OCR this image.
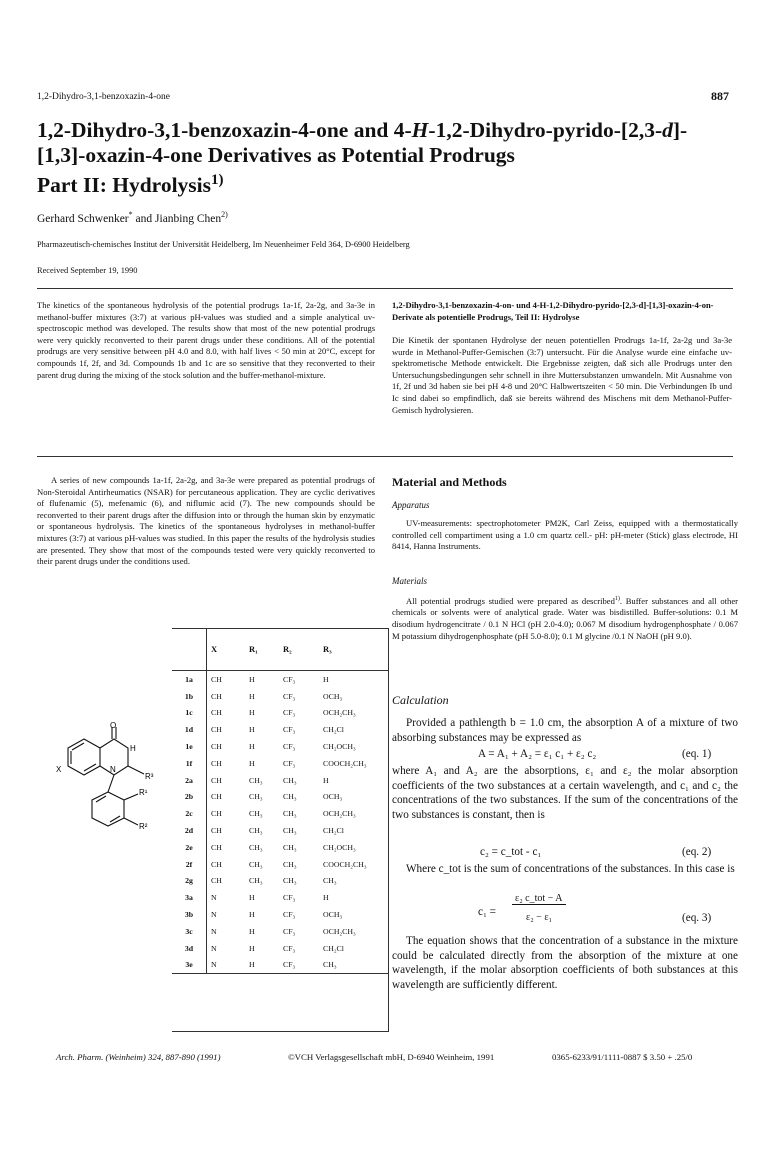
1,2-Dihydro-3,1-benzoxazin-4-one	887
1,2-Dihydro-3,1-benzoxazin-4-one and 4-H-1,2-Dihydro-pyrido-[2,3-d]-
[1,3]-oxazin-4-one Derivatives as Potential Prodrugs
Part II: Hydrolysis$^{1)}$
Gerhard Schwenker* and Jianbing Chen$^{2)}$
Pharmazeutisch-chemisches Institut der Universität Heidelberg, Im Neuenheimer Feld 364, D-6900 Heidelberg
Received September 19, 1990
The kinetics of the spontaneous hydrolysis of the potential prodrugs 1a-1f, 2a-2g, and 3a-3e in methanol-buffer mixtures (3:7) at various pH-values was studied and a simple analytical uv-spectroscopic method was developed. The results show that most of the new potential prodrugs were very quickly reconverted to their parent drugs under these conditions. All of the potential prodrugs are very sensitive between pH 4.0 and 8.0, with half lives < 50 min at 20°C, except for compounds 1f, 2f, and 3d. Compounds 1b and 1c are so sensitive that they reconverted to their parent drug during the mixing of the stock solution and the buffer-methanol-mixture.
1,2-Dihydro-3,1-benzoxazin-4-on- und 4-H-1,2-Dihydro-pyrido-[2,3-d]-[1,3]-oxazin-4-on-Derivate als potentielle Prodrugs, Teil II: Hydrolyse
Die Kinetik der spontanen Hydrolyse der neuen potentiellen Prodrugs 1a-1f, 2a-2g und 3a-3e wurde in Methanol-Puffer-Gemischen (3:7) untersucht. Für die Analyse wurde eine einfache uv-spektrometische Methode entwickelt. Die Ergebnisse zeigten, daß sich alle Prodrugs unter den Untersuchungsbedingungen sehr schnell in ihre Muttersubstanzen umwandeln. Mit Ausnahme von 1f, 2f und 3d haben sie bei pH 4-8 und 20°C Halbwertszeiten < 50 min. Die Verbindungen Ib und Ic sind dabei so empfindlich, daß sie bereits während des Mischens mit dem Methanol-Puffer-Gemisch hydrolysieren.
A series of new compounds 1a-1f, 2a-2g, and 3a-3e were prepared as potential prodrugs of Non-Steroidal Antirheumatics (NSAR) for percutaneous application. They are cyclic derivatives of flufenamic (5), mefenamic (6), and niflumic acid (7). The new compounds should be reconverted to their parent drugs after the diffusion into or through the human skin by enzymatic or spontaneous hydrolysis. The kinetics of the spontaneous hydrolyses in methanol-buffer mixtures (3:7) at various pH-values was studied. In this paper the results of the hydrolysis studies are presented. They show that most of the compounds tested were very quickly reconverted to their parent drugs under the conditions used.
O
H
X	N
R³
R¹
R²
	X	R₁	R₂	R₃
1a	CH	H	CF₃	H
1b	CH	H	CF₃	OCH₃
1c	CH	H	CF₃	OCH₂CH₃
1d	CH	H	CF₃	CH₂Cl
1e	CH	H	CF₃	CH₂OCH₃
1f	CH	H	CF₃	COOCH₂CH₃
2a	CH	CH₃	CH₃	H
2b	CH	CH₃	CH₃	OCH₃
2c	CH	CH₃	CH₃	OCH₂CH₃
2d	CH	CH₃	CH₃	CH₂Cl
2e	CH	CH₃	CH₃	CH₂OCH₃
2f	CH	CH₃	CH₃	COOCH₂CH₃
2g	CH	CH₃	CH₃	CH₃
3a	N	H	CF₃	H
3b	N	H	CF₃	OCH₃
3c	N	H	CF₃	OCH₂CH₃
3d	N	H	CF₃	CH₂Cl
3e	N	H	CF₃	CH₃
Material and Methods
Apparatus
UV-measurements: spectrophotometer PM2K, Carl Zeiss, equipped with a thermostatically controlled cell compartiment using a 1.0 cm quartz cell.- pH: pH-meter (Stick) glass electrode, HI 8414, Hanna Instruments.
Materials
All potential prodrugs studied were prepared as described$^{1)}$. Buffer substances and all other chemicals or solvents were of analytical grade. Water was bisdistilled. Buffer-solutions: 0.1 M disodium hydrogencitrate / 0.1 N HCl (pH 2.0-4.0); 0.067 M disodium hydrogenphosphate / 0.067 M potassium dihydrogenphosphate (pH 5.0-8.0); 0.1 M glycine /0.1 N NaOH (pH 9.0).
Calculation
Provided a pathlength b = 1.0 cm, the absorption A of a mixture of two absorbing substances may be expressed as
A = A₁ + A₂ = ε₁ c₁ + ε₂ c₂	(eq. 1)
where A₁ and A₂ are the absorptions, ε₁ and ε₂ the molar absorption coefficients of the two substances at a certain wavelength, and c₁ and c₂ the concentrations of the two substances. If the sum of the concentrations of the two substances is constant, then is
c₂ = c_tot - c₁	(eq. 2)
Where c_tot is the sum of concentrations of the substances. In this case is
c₁ =
ε₂ c_tot − A
ε₂ − ε₁	(eq. 3)
The equation shows that the concentration of a substance in the mixture could be calculated directly from the absorption of the mixture at one wavelength, if the molar absorption coefficients of both substances at this wavelength are sufficiently different.
Arch. Pharm. (Weinheim) 324, 887-890 (1991)	©VCH Verlagsgesellschaft mbH, D-6940 Weinheim, 1991	0365-6233/91/1111-0887 $ 3.50 + .25/0
